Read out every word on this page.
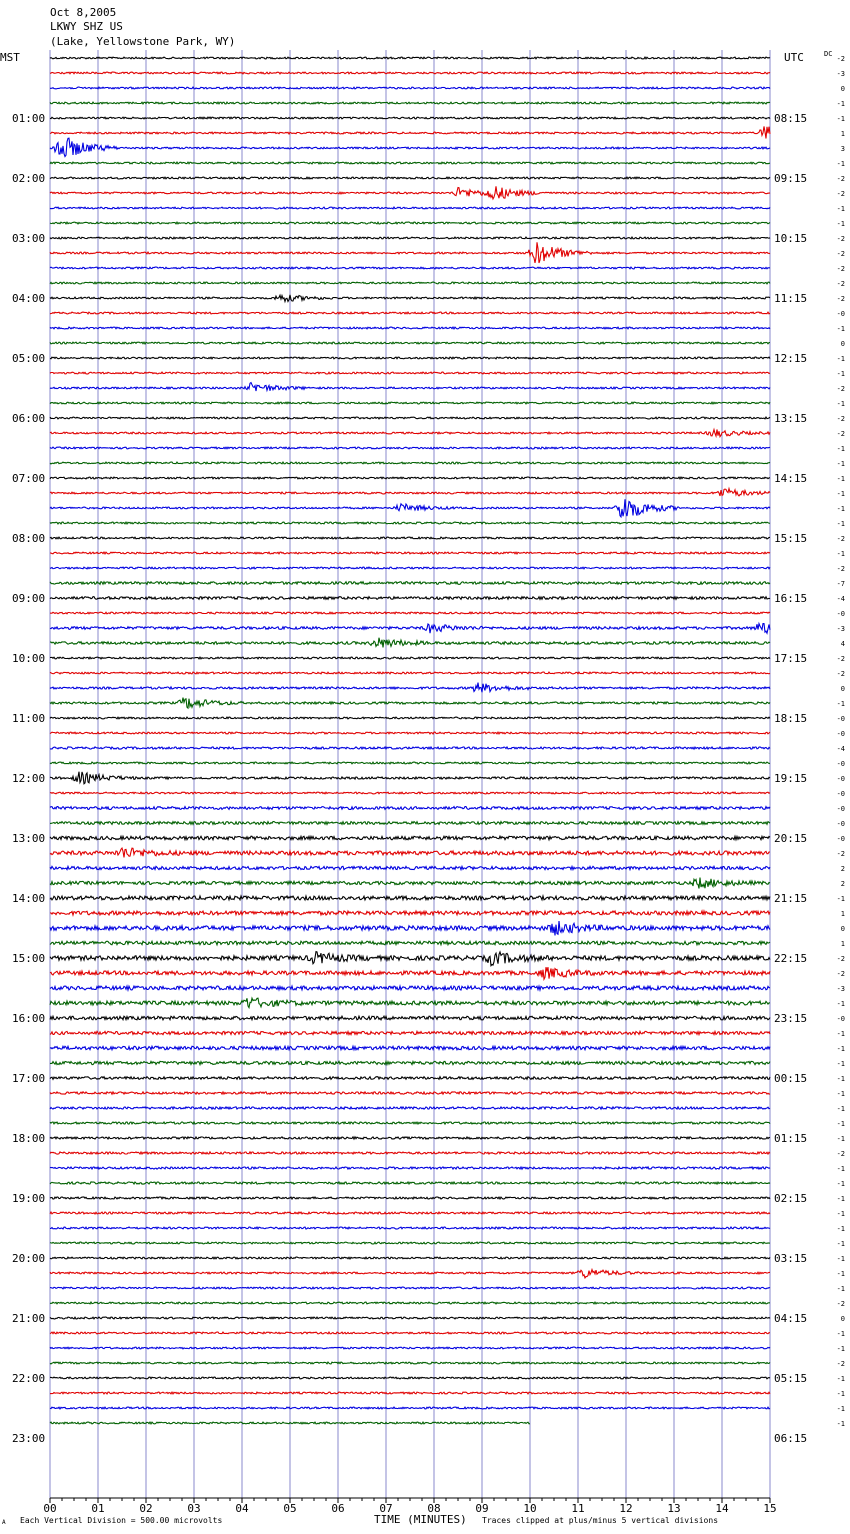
Oct 8,2005
LKWY SHZ US
(Lake, Yellowstone Park, WY)
MST	UTC	DC
01:00
02:00
03:00
04:00
05:00
06:00
07:00
08:00
09:00
10:00
11:00
12:00
13:00
14:00
15:00
16:00
17:00
18:00
19:00
20:00
21:00
22:00
23:00
08:15
09:15
10:15
11:15
12:15
13:15
14:15
15:15
16:15
17:15
18:15
19:15
20:15
21:15
22:15
23:15
00:15
01:15
02:15
03:15
04:15
05:15
06:15
-2
-3
0
-1
-1
1
3
-1
-2
-2
-1
-1
-2
-2
-2
-2
-2
-0
-1
0
-1
-1
-2
-1
-2
-2
-1
-1
-1
-1
-1
-1
-2
-1
-2
-7
-4
-0
-3
4
-2
-2
0
-1
-0
-0
-4
-0
-0
-0
-0
-0
-0
-2
2
2
-1
1
0
1
-2
-2
-3
-1
-0
-1
-1
-1
-1
-1
-1
-1
-1
-2
-1
-1
-1
-1
-1
-1
-1
-1
-1
-2
0
-1
-1
-2
-1
-1
-1
-1
00	01	02	03	04	05	06	07	08	09	10	11	12	13	14	15
A Each Vertical Division = 500.00 microvolts	TIME (MINUTES) Traces clipped at plus/minus 5 vertical divisions
